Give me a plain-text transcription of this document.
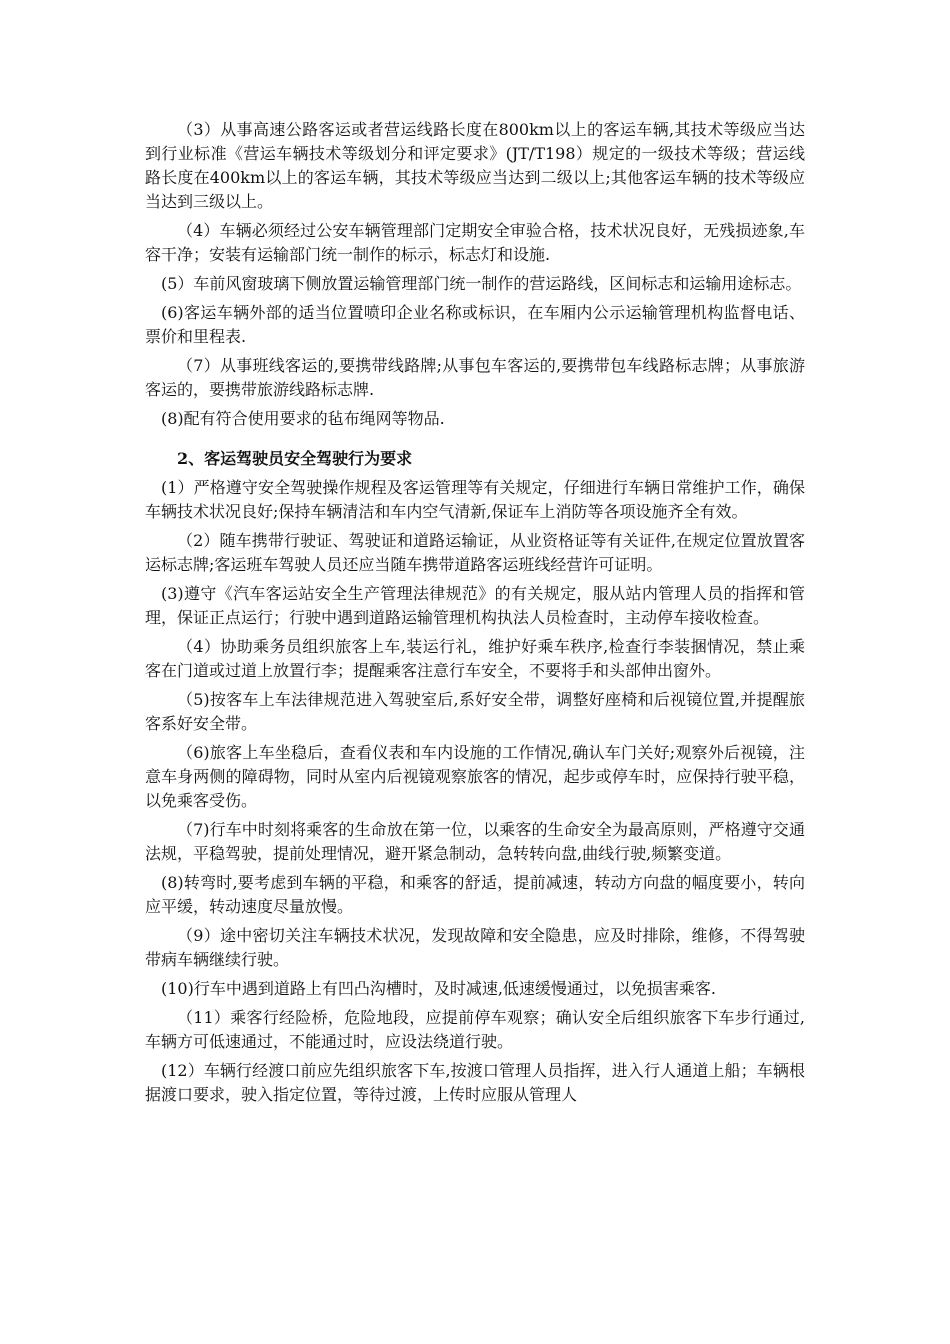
（3）从事高速公路客运或者营运线路长度在800km以上的客运车辆,其技术等级应当达到行业标准《营运车辆技术等级划分和评定要求》(JT/T198）规定的一级技术等级；营运线路长度在400km以上的客运车辆，其技术等级应当达到二级以上;其他客运车辆的技术等级应当达到三级以上。

（4）车辆必须经过公安车辆管理部门定期安全审验合格，技术状况良好，无残损迹象,车容干净；安装有运输部门统一制作的标示，标志灯和设施.

(5）车前风窗玻璃下侧放置运输管理部门统一制作的营运路线，区间标志和运输用途标志。

(6)客运车辆外部的适当位置喷印企业名称或标识，在车厢内公示运输管理机构监督电话、票价和里程表.

（7）从事班线客运的,要携带线路牌;从事包车客运的,要携带包车线路标志牌；从事旅游客运的，要携带旅游线路标志牌.

(8)配有符合使用要求的毡布绳网等物品.

2、客运驾驶员安全驾驶行为要求

(1）严格遵守安全驾驶操作规程及客运管理等有关规定，仔细进行车辆日常维护工作，确保车辆技术状况良好;保持车辆清洁和车内空气清新,保证车上消防等各项设施齐全有效。

（2）随车携带行驶证、驾驶证和道路运输证，从业资格证等有关证件,在规定位置放置客运标志牌;客运班车驾驶人员还应当随车携带道路客运班线经营许可证明。

(3)遵守《汽车客运站安全生产管理法律规范》的有关规定，服从站内管理人员的指挥和管理，保证正点运行；行驶中遇到道路运输管理机构执法人员检查时，主动停车接收检查。

（4）协助乘务员组织旅客上车,装运行礼，维护好乘车秩序,检查行李装捆情况，禁止乘客在门道或过道上放置行李；提醒乘客注意行车安全，不要将手和头部伸出窗外。

（5)按客车上车法律规范进入驾驶室后,系好安全带，调整好座椅和后视镜位置,并提醒旅客系好安全带。

（6)旅客上车坐稳后，查看仪表和车内设施的工作情况,确认车门关好;观察外后视镜，注意车身两侧的障碍物，同时从室内后视镜观察旅客的情况，起步或停车时，应保持行驶平稳，以免乘客受伤。

（7)行车中时刻将乘客的生命放在第一位，以乘客的生命安全为最高原则，严格遵守交通法规，平稳驾驶，提前处理情况，避开紧急制动，急转转向盘,曲线行驶,频繁变道。

(8)转弯时,要考虑到车辆的平稳，和乘客的舒适，提前减速，转动方向盘的幅度要小，转向应平缓，转动速度尽量放慢。

（9）途中密切关注车辆技术状况，发现故障和安全隐患，应及时排除，维修，不得驾驶带病车辆继续行驶。

(10)行车中遇到道路上有凹凸沟槽时，及时减速,低速缓慢通过，以免损害乘客.

（11）乘客行经险桥，危险地段，应提前停车观察；确认安全后组织旅客下车步行通过,车辆方可低速通过，不能通过时，应设法绕道行驶。

(12）车辆行经渡口前应先组织旅客下车,按渡口管理人员指挥，进入行人通道上船；车辆根据渡口要求，驶入指定位置，等待过渡，上传时应服从管理人
